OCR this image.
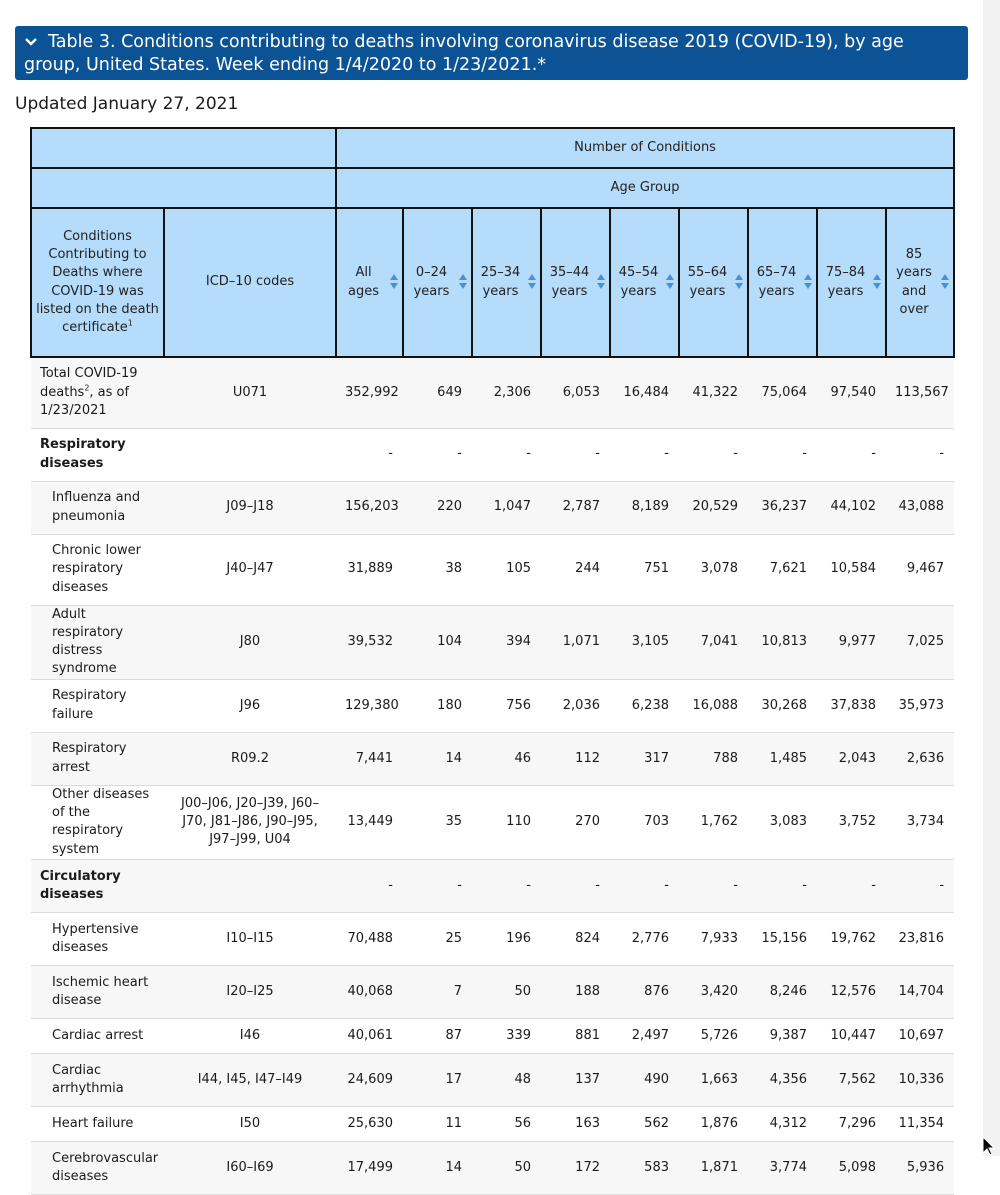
Table 3. Conditions contributing to deaths involving coronavirus disease 2019 (COVID-19), by age group, United States. Week ending 1/4/2020 to 1/23/2021.*
Updated January 27, 2021
		Number of Conditions								
		Age Group								
Conditions Contributing to Deaths where COVID-19 was listed on the death certificate$^1$	ICD–10 codes	All ages	0–24 years	25–34 years	35–44 years	45–54 years	55–64 years	65–74 years	75–84 years	85 years and over

Total COVID-19 deaths$^2$, as of 1/23/2021	U071	352,992	649	2,306	6,053	16,484	41,322	75,064	97,540	113,567
Respiratory diseases		-	-	-	-	-	-	-	-	-
Influenza and pneumonia	J09–J18	156,203	220	1,047	2,787	8,189	20,529	36,237	44,102	43,088
Chronic lower respiratory diseases	J40–J47	31,889	38	105	244	751	3,078	7,621	10,584	9,467
Adult respiratory distress syndrome	J80	39,532	104	394	1,071	3,105	7,041	10,813	9,977	7,025
Respiratory failure	J96	129,380	180	756	2,036	6,238	16,088	30,268	37,838	35,973
Respiratory arrest	R09.2	7,441	14	46	112	317	788	1,485	2,043	2,636
Other diseases of the respiratory system	J00–J06, J20–J39, J60–J70, J81–J86, J90–J95, J97–J99, U04	13,449	35	110	270	703	1,762	3,083	3,752	3,734
Circulatory diseases		-	-	-	-	-	-	-	-	-
Hypertensive diseases	I10–I15	70,488	25	196	824	2,776	7,933	15,156	19,762	23,816
Ischemic heart disease	I20–I25	40,068	7	50	188	876	3,420	8,246	12,576	14,704
Cardiac arrest	I46	40,061	87	339	881	2,497	5,726	9,387	10,447	10,697
Cardiac arrhythmia	I44, I45, I47–I49	24,609	17	48	137	490	1,663	4,356	7,562	10,336
Heart failure	I50	25,630	11	56	163	562	1,876	4,312	7,296	11,354
Cerebrovascular diseases	I60–I69	17,499	14	50	172	583	1,871	3,774	5,098	5,936
